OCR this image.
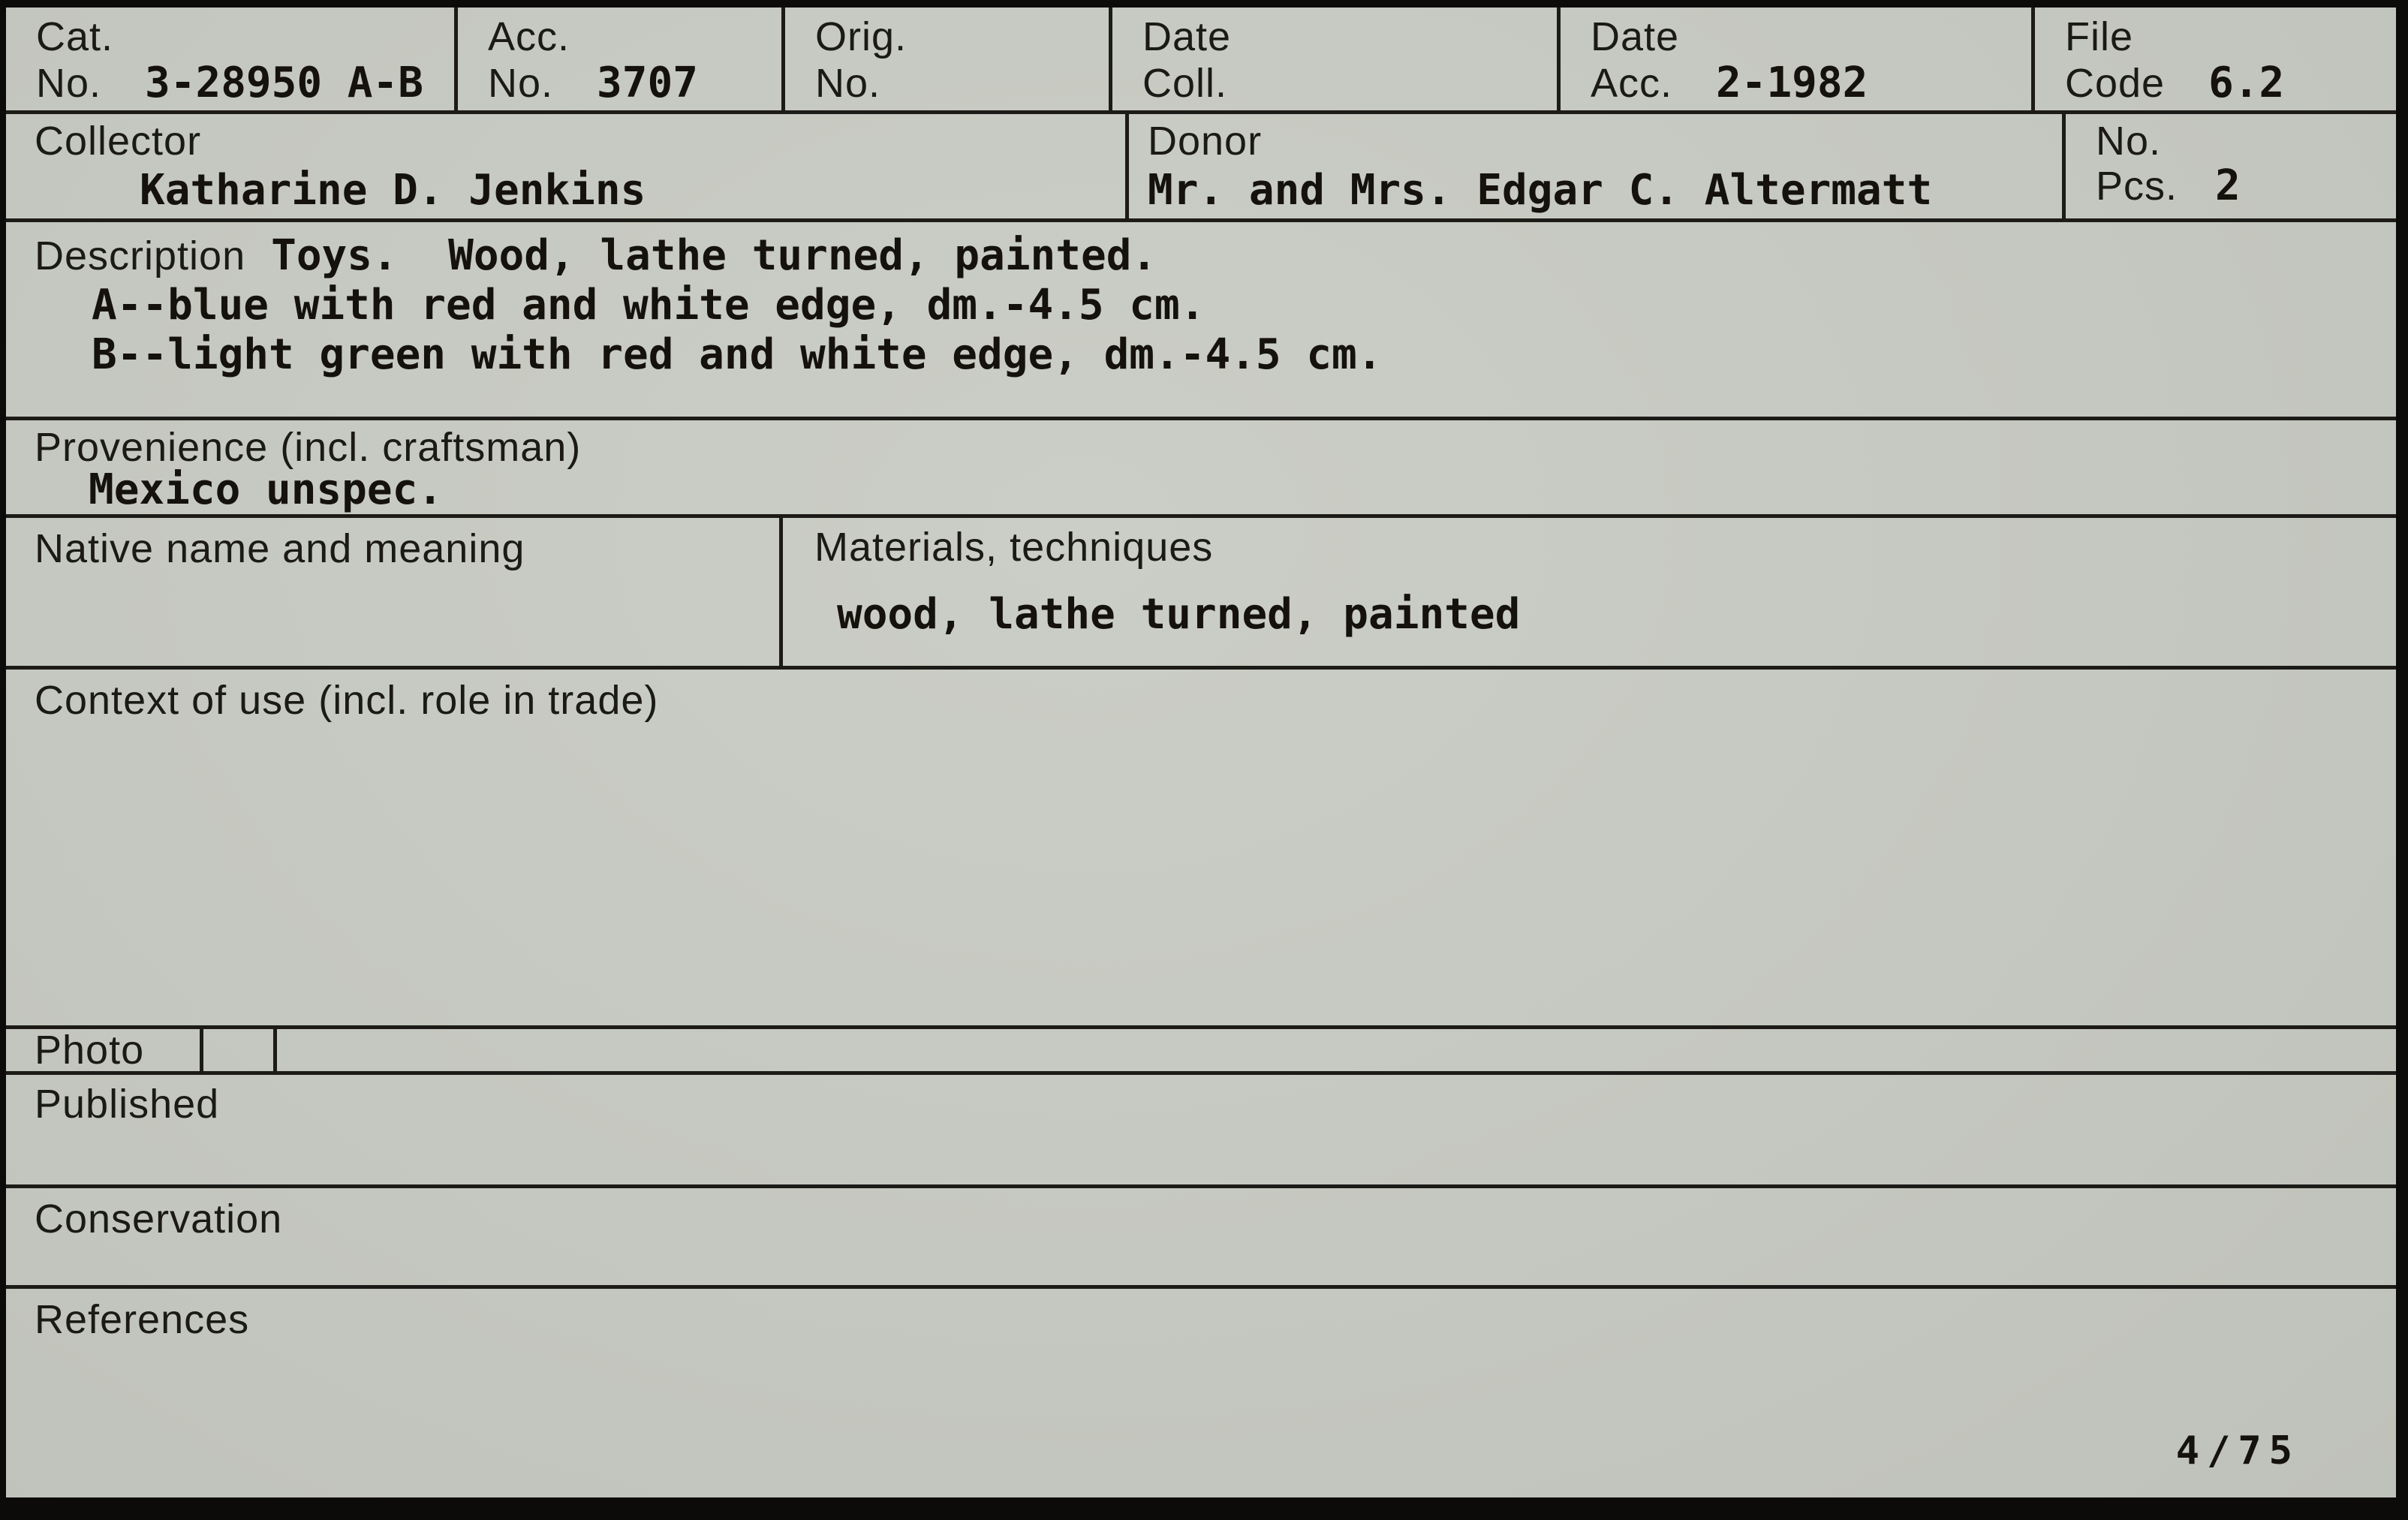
Cat.
No. 3-28950 A-B
Acc.
No. 3707
Orig.
No.
Date
Coll.
Date
Acc. 2-1982
File
Code 6.2
Collector
Katharine D. Jenkins
Donor
Mr. and Mrs. Edgar C. Altermatt
No.
Pcs. 2
Description Toys.  Wood, lathe turned, painted.
A--blue with red and white edge, dm.-4.5 cm.
B--light green with red and white edge, dm.-4.5 cm.
Provenience (incl. craftsman)
Mexico unspec.
Native name and meaning	Materials, techniques
wood, lathe turned, painted
Context of use (incl. role in trade)
Photo
Published
Conservation
References
4/75
